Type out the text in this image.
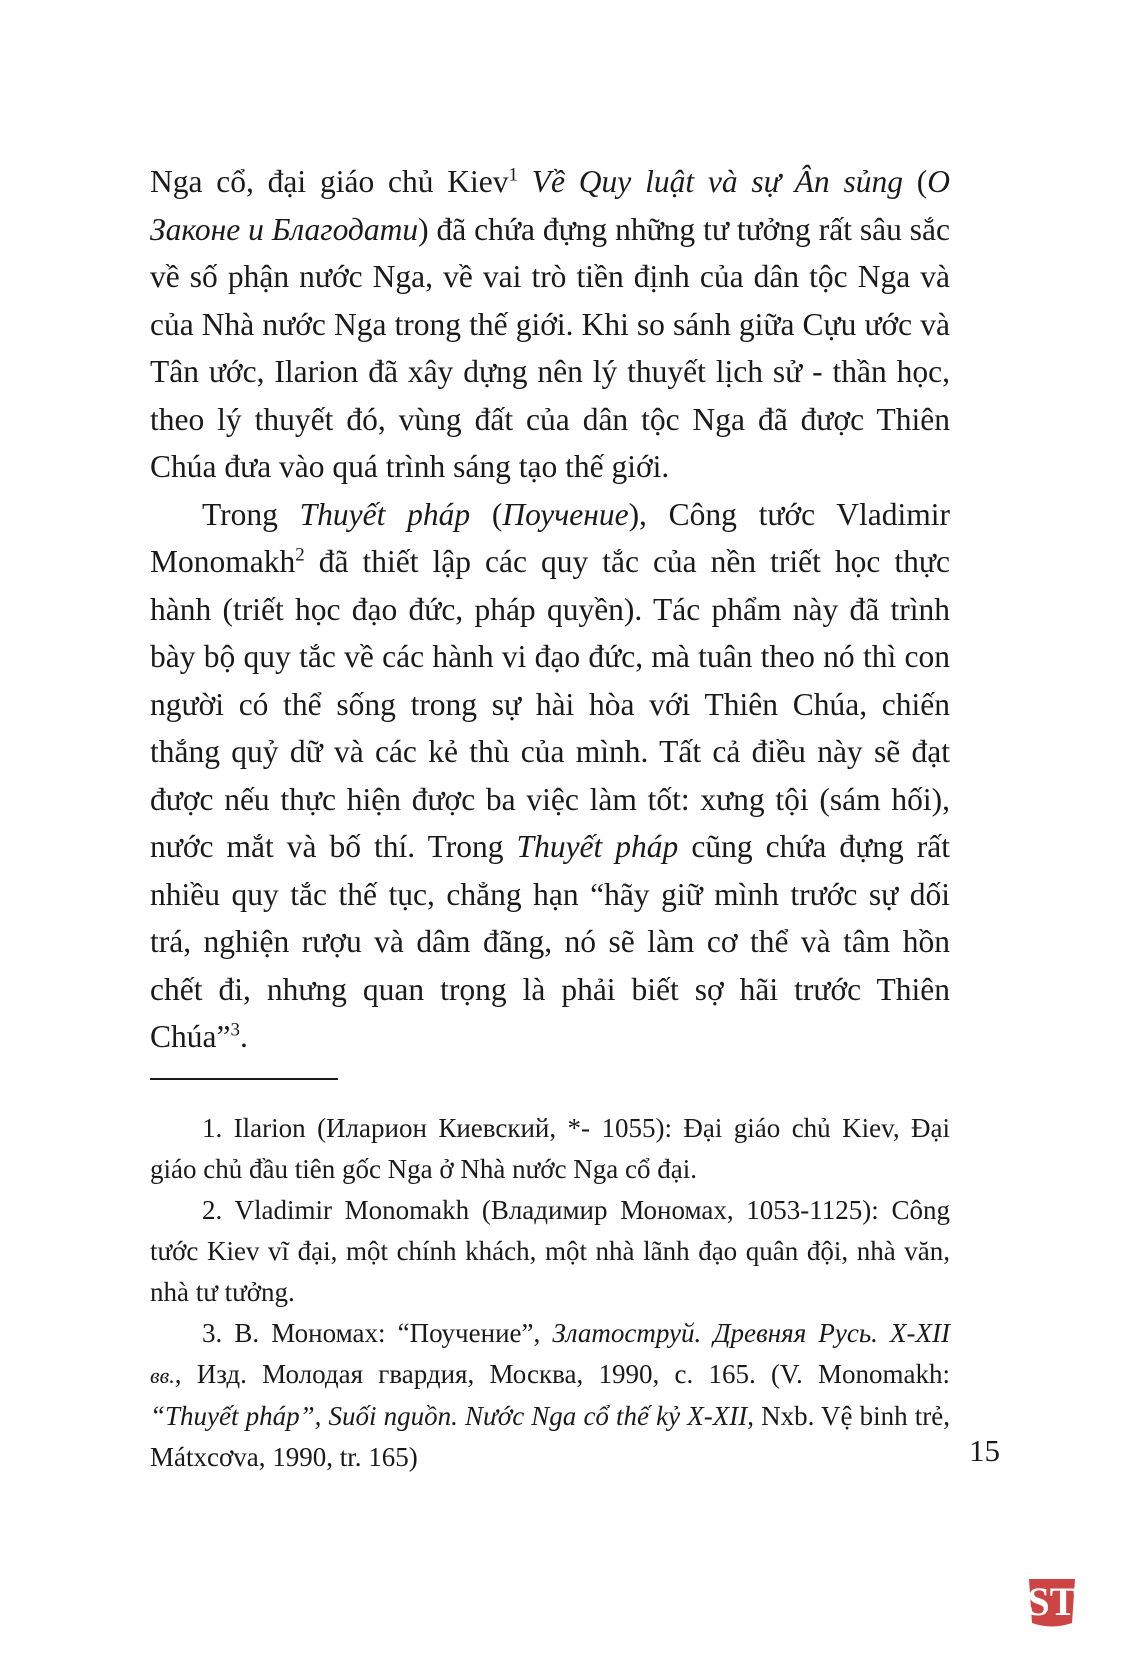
Nga cổ, đại giáo chủ Kiev$^1$ Về Quy luật và sự Ân sủng (О Законе и Благодати) đã chứa đựng những tư tưởng rất sâu sắc về số phận nước Nga, về vai trò tiền định của dân tộc Nga và của Nhà nước Nga trong thế giới. Khi so sánh giữa Cựu ước và Tân ước, Ilarion đã xây dựng nên lý thuyết lịch sử - thần học, theo lý thuyết đó, vùng đất của dân tộc Nga đã được Thiên Chúa đưa vào quá trình sáng tạo thế giới.

Trong Thuyết pháp (Поучение), Công tước Vladimir Monomakh$^2$ đã thiết lập các quy tắc của nền triết học thực hành (triết học đạo đức, pháp quyền). Tác phẩm này đã trình bày bộ quy tắc về các hành vi đạo đức, mà tuân theo nó thì con người có thể sống trong sự hài hòa với Thiên Chúa, chiến thắng quỷ dữ và các kẻ thù của mình. Tất cả điều này sẽ đạt được nếu thực hiện được ba việc làm tốt: xưng tội (sám hối), nước mắt và bố thí. Trong Thuyết pháp cũng chứa đựng rất nhiều quy tắc thế tục, chẳng hạn “hãy giữ mình trước sự dối trá, nghiện rượu và dâm đãng, nó sẽ làm cơ thể và tâm hồn chết đi, nhưng quan trọng là phải biết sợ hãi trước Thiên Chúa”$^3$.

1. Ilarion (Иларион Киевский, *- 1055): Đại giáo chủ Kiev, Đại giáo chủ đầu tiên gốc Nga ở Nhà nước Nga cổ đại.

2. Vladimir Monomakh (Владимир Мономах, 1053-1125): Công tước Kiev vĩ đại, một chính khách, một nhà lãnh đạo quân đội, nhà văn, nhà tư tưởng.

3. В. Мономах: “Поучение”, Златоструй. Древняя Русь. X-XII вв., Изд. Молодая гвардия, Москва, 1990, с. 165. (V. Monomakh: “Thuyết pháp”, Suối nguồn. Nước Nga cổ thế kỷ X-XII, Nxb. Vệ binh trẻ, Mátxcơva, 1990, tr. 165)	15
ST
